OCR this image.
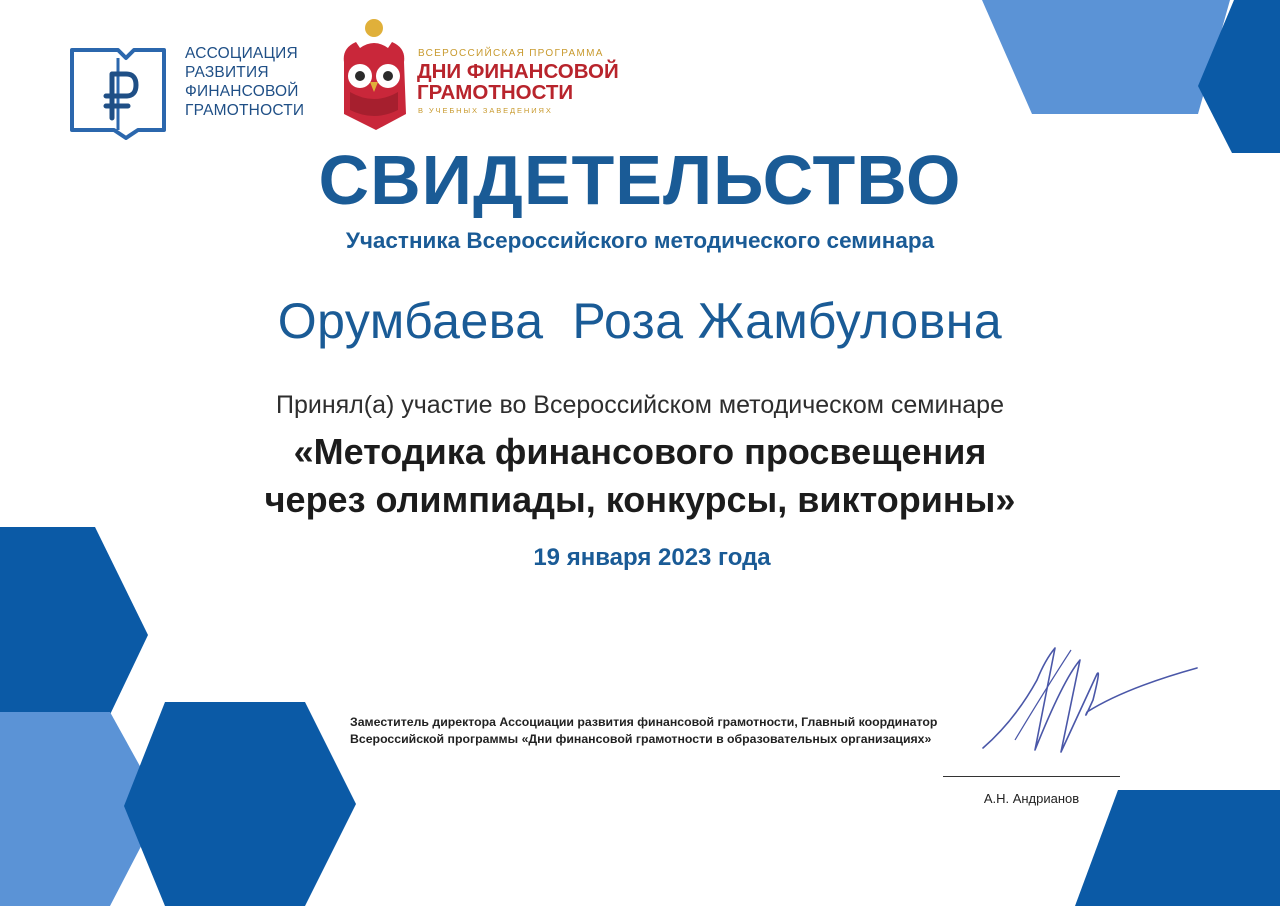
АССОЦИАЦИЯ
РАЗВИТИЯ
ФИНАНСОВОЙ
ГРАМОТНОСТИ
ВСЕРОССИЙСКАЯ ПРОГРАММА
ДНИ ФИНАНСОВОЙ
ГРАМОТНОСТИ
В УЧЕБНЫХ ЗАВЕДЕНИЯХ
СВИДЕТЕЛЬСТВО
Участника Всероссийского методического семинара
Орумбаева  Роза Жамбуловна
Принял(а) участие во Всероссийском методическом семинаре
«Методика финансового просвещения
через олимпиады, конкурсы, викторины»
19 января 2023 года
Заместитель директора Ассоциации развития финансовой грамотности, Главный координатор Всероссийской программы «Дни финансовой грамотности в образовательных организациях»
А.Н. Андрианов
